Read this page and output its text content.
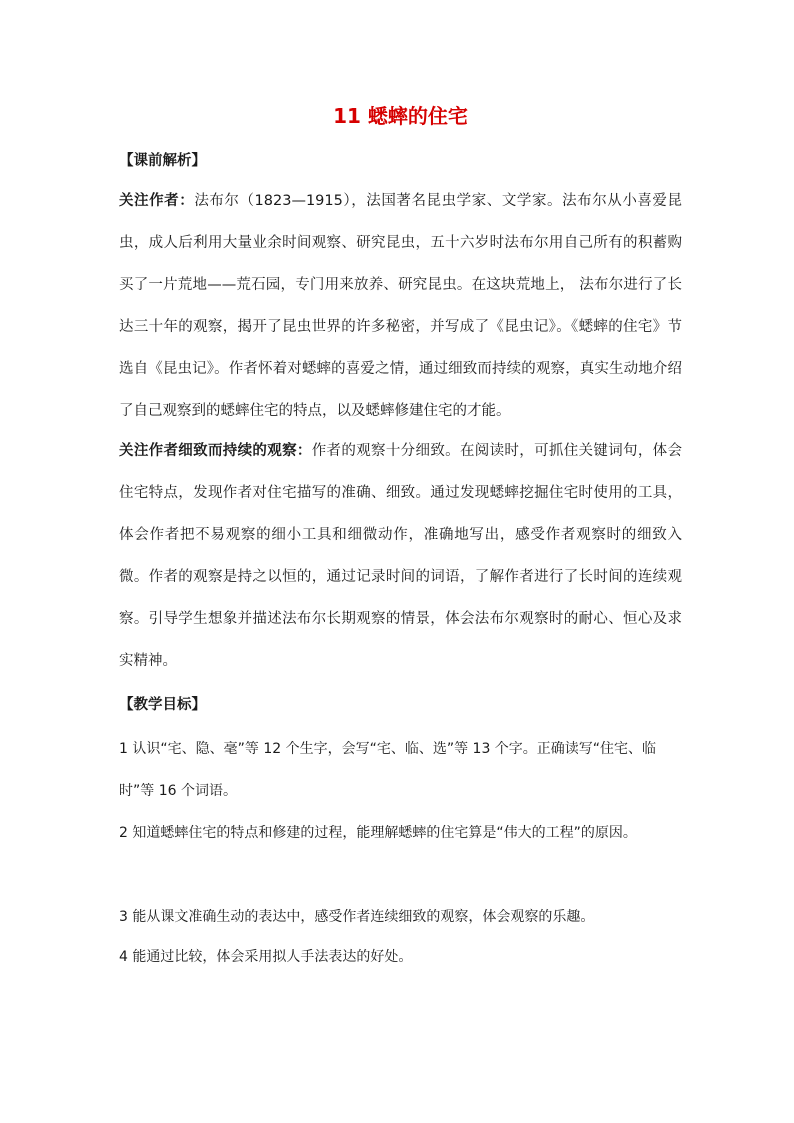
11 蟋蟀的住宅
【课前解析】

关注作者：法布尔（1823—1915），法国著名昆虫学家、文学家。法布尔从小喜爱昆虫，成人后利用大量业余时间观察、研究昆虫，五十六岁时法布尔用自己所有的积蓄购买了一片荒地——荒石园，专门用来放养、研究昆虫。在这块荒地上， 法布尔进行了长达三十年的观察，揭开了昆虫世界的许多秘密，并写成了《昆虫记》。《蟋蟀的住宅》节选自《昆虫记》。作者怀着对蟋蟀的喜爱之情，通过细致而持续的观察，真实生动地介绍了自己观察到的蟋蟀住宅的特点，以及蟋蟀修建住宅的才能。

关注作者细致而持续的观察：作者的观察十分细致。在阅读时，可抓住关键词句，体会住宅特点，发现作者对住宅描写的准确、细致。通过发现蟋蟀挖掘住宅时使用的工具，体会作者把不易观察的细小工具和细微动作，准确地写出，感受作者观察时的细致入微。作者的观察是持之以恒的，通过记录时间的词语，了解作者进行了长时间的连续观察。引导学生想象并描述法布尔长期观察的情景，体会法布尔观察时的耐心、恒心及求实精神。

【教学目标】

1 认识“宅、隐、毫”等 12 个生字，会写“宅、临、选”等 13 个字。正确读写“住宅、临时”等 16 个词语。

2 知道蟋蟀住宅的特点和修建的过程，能理解蟋蟀的住宅算是“伟大的工程”的原因。

3 能从课文准确生动的表达中，感受作者连续细致的观察，体会观察的乐趣。

4 能通过比较，体会采用拟人手法表达的好处。
